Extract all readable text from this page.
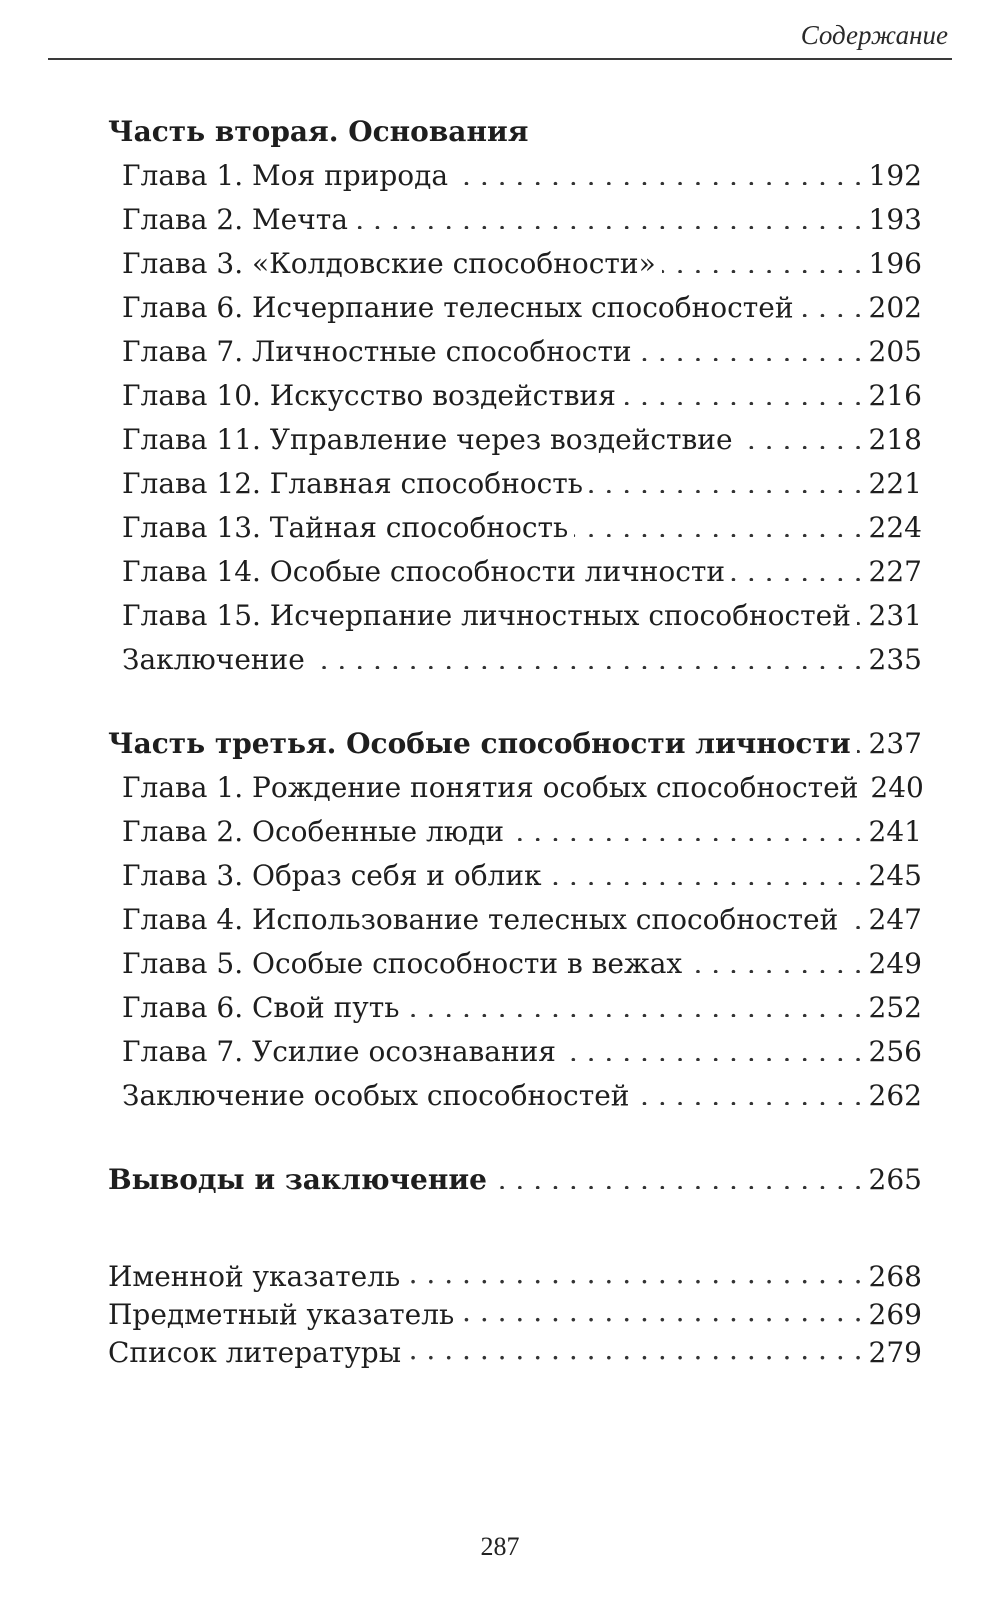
Содержание
Часть вторая. Основания
Глава 1. Моя природа . . .	192
Глава 2. Мечта . . .	193
Глава 3. «Колдовские способности» . . .	196
Глава 6. Исчерпание телесных способностей . . .	202
Глава 7. Личностные способности . . .	205
Глава 10. Искусство воздействия . . .	216
Глава 11. Управление через воздействие . . .	218
Глава 12. Главная способность . . .	221
Глава 13. Тайная способность . . .	224
Глава 14. Особые способности личности . . .	227
Глава 15. Исчерпание личностных способностей . . . 231
Заключение . . .	235
Часть третья. Особые способности личности . . . 237
Глава 1. Рождение понятия особых способностей 240
Глава 2. Особенные люди . . .	241
Глава 3. Образ себя и облик . . .	245
Глава 4. Использование телесных способностей . . . 247
Глава 5. Особые способности в вежах . . .	249
Глава 6. Свой путь . . .	252
Глава 7. Усилие осознавания . . .	256
Заключение особых способностей . . .	262
Выводы и заключение . . .	265
Именной указатель . . .	268
Предметный указатель . . .	269
Список литературы . . .	279
287
